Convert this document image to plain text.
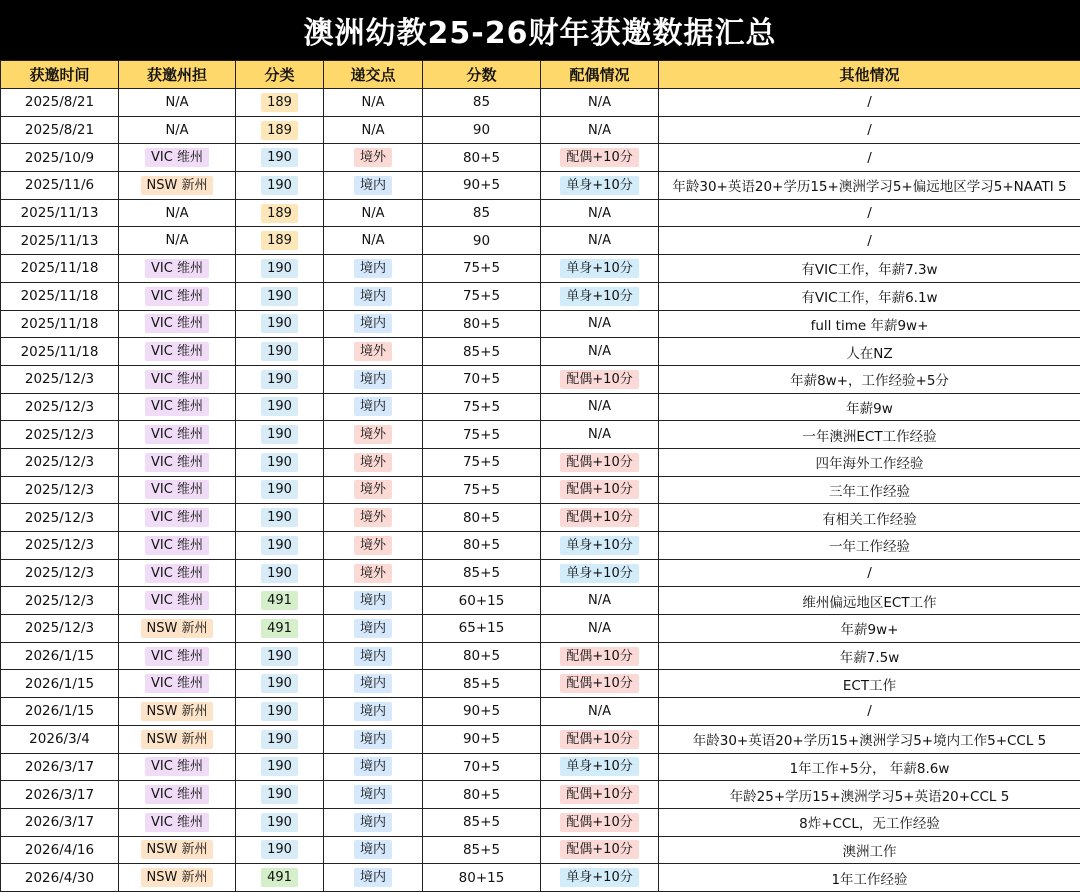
澳洲幼教25-26财年获邀数据汇总
获邀时间	获邀州担	分类	递交点	分数	配偶情况	其他情况
2025/8/21	N/A	189	N/A	85	N/A	/
2025/8/21	N/A	189	N/A	90	N/A	/
2025/10/9	VIC 维州	190	境外	80+5	配偶+10分	/
2025/11/6	NSW 新州	190	境内	90+5	单身+10分	年龄30+英语20+学历15+澳洲学习5+偏远地区学习5+NAATI 5
2025/11/13	N/A	189	N/A	85	N/A	/
2025/11/13	N/A	189	N/A	90	N/A	/
2025/11/18	VIC 维州	190	境内	75+5	单身+10分	有VIC工作，年薪7.3w
2025/11/18	VIC 维州	190	境内	75+5	单身+10分	有VIC工作，年薪6.1w
2025/11/18	VIC 维州	190	境内	80+5	N/A	full time 年薪9w+
2025/11/18	VIC 维州	190	境外	85+5	N/A	人在NZ
2025/12/3	VIC 维州	190	境内	70+5	配偶+10分	年薪8w+，工作经验+5分
2025/12/3	VIC 维州	190	境内	75+5	N/A	年薪9w
2025/12/3	VIC 维州	190	境外	75+5	N/A	一年澳洲ECT工作经验
2025/12/3	VIC 维州	190	境外	75+5	配偶+10分	四年海外工作经验
2025/12/3	VIC 维州	190	境外	75+5	配偶+10分	三年工作经验
2025/12/3	VIC 维州	190	境外	80+5	配偶+10分	有相关工作经验
2025/12/3	VIC 维州	190	境外	80+5	单身+10分	一年工作经验
2025/12/3	VIC 维州	190	境外	85+5	单身+10分	/
2025/12/3	VIC 维州	491	境内	60+15	N/A	维州偏远地区ECT工作
2025/12/3	NSW 新州	491	境内	65+15	N/A	年薪9w+
2026/1/15	VIC 维州	190	境内	80+5	配偶+10分	年薪7.5w
2026/1/15	VIC 维州	190	境内	85+5	配偶+10分	ECT工作
2026/1/15	NSW 新州	190	境内	90+5	N/A	/
2026/3/4	NSW 新州	190	境内	90+5	配偶+10分	年龄30+英语20+学历15+澳洲学习5+境内工作5+CCL 5
2026/3/17	VIC 维州	190	境内	70+5	单身+10分	1年工作+5分， 年薪8.6w
2026/3/17	VIC 维州	190	境内	80+5	配偶+10分	年龄25+学历15+澳洲学习5+英语20+CCL 5
2026/3/17	VIC 维州	190	境内	85+5	配偶+10分	8炸+CCL，无工作经验
2026/4/16	NSW 新州	190	境内	85+5	配偶+10分	澳洲工作
2026/4/30	NSW 新州	491	境内	80+15	单身+10分	1年工作经验
